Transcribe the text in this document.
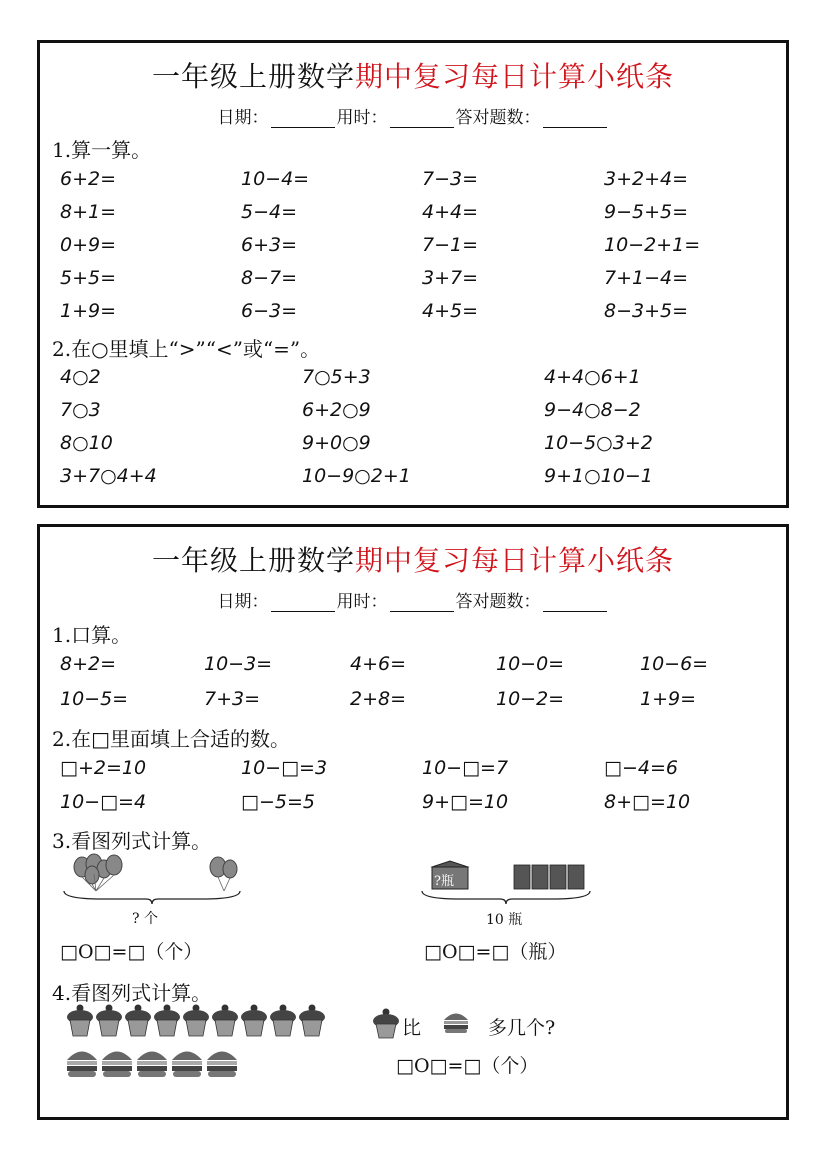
一年级上册数学期中复习每日计算小纸条
日期：	用时：	答对题数：
1.算一算。
6+2=	10−4=	7−3=	3+2+4=
8+1=	5−4=	4+4=	9−5+5=
0+9=	6+3=	7−1=	10−2+1=
5+5=	8−7=	3+7=	7+1−4=
1+9=	6−3=	4+5=	8−3+5=
2.在○里填上“>”“<”或“=”。
4○2	7○5+3	4+4○6+1
7○3	6+2○9	9−4○8−2
8○10	9+0○9	10−5○3+2
3+7○4+4	10−9○2+1	9+1○10−1
一年级上册数学期中复习每日计算小纸条
日期：	用时：	答对题数：
1.口算。
8+2=	10−3=	4+6=	10−0=	10−6=
10−5=	7+3=	2+8=	10−2=	1+9=
2.在□里面填上合适的数。
□+2=10	10−□=3	10−□=7	□−4=6
10−□=4	□−5=5	9+□=10	8+□=10
3.看图列式计算。
? 个
?瓶
10 瓶
□O□=□（个）	□O□=□（瓶）
4.看图列式计算。
比	多几个?
□O□=□（个）
